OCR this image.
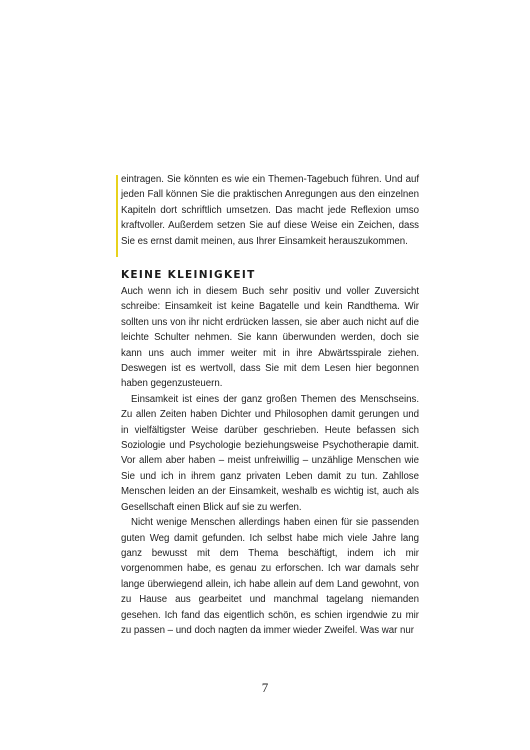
eintragen. Sie könnten es wie ein Themen-Tagebuch führen. Und auf jeden Fall können Sie die praktischen Anregungen aus den einzelnen Kapiteln dort schriftlich umsetzen. Das macht jede Reflexion umso kraftvoller. Außerdem setzen Sie auf diese Weise ein Zeichen, dass Sie es ernst damit meinen, aus Ihrer Einsamkeit herauszukommen.

KEINE KLEINIGKEIT

Auch wenn ich in diesem Buch sehr positiv und voller Zuversicht schreibe: Einsamkeit ist keine Bagatelle und kein Randthema. Wir sollten uns von ihr nicht erdrücken lassen, sie aber auch nicht auf die leichte Schulter nehmen. Sie kann überwunden werden, doch sie kann uns auch immer weiter mit in ihre Abwärtsspirale ziehen. Deswegen ist es wertvoll, dass Sie mit dem Lesen hier begonnen haben gegenzusteuern.

Einsamkeit ist eines der ganz großen Themen des Menschseins. Zu allen Zeiten haben Dichter und Philosophen damit gerungen und in vielfältigster Weise darüber geschrieben. Heute befassen sich Soziologie und Psychologie beziehungsweise Psychotherapie damit. Vor allem aber haben – meist unfreiwillig – unzählige Menschen wie Sie und ich in ihrem ganz privaten Leben damit zu tun. Zahllose Menschen leiden an der Einsamkeit, weshalb es wichtig ist, auch als Gesellschaft einen Blick auf sie zu werfen.

Nicht wenige Menschen allerdings haben einen für sie passenden guten Weg damit gefunden. Ich selbst habe mich viele Jahre lang ganz bewusst mit dem Thema beschäftigt, indem ich mir vorgenommen habe, es genau zu erforschen. Ich war damals sehr lange überwiegend allein, ich habe allein auf dem Land gewohnt, von zu Hause aus gearbeitet und manchmal tagelang niemanden gesehen. Ich fand das eigentlich schön, es schien irgendwie zu mir zu passen – und doch nagten da immer wieder Zweifel. Was war nur

7
